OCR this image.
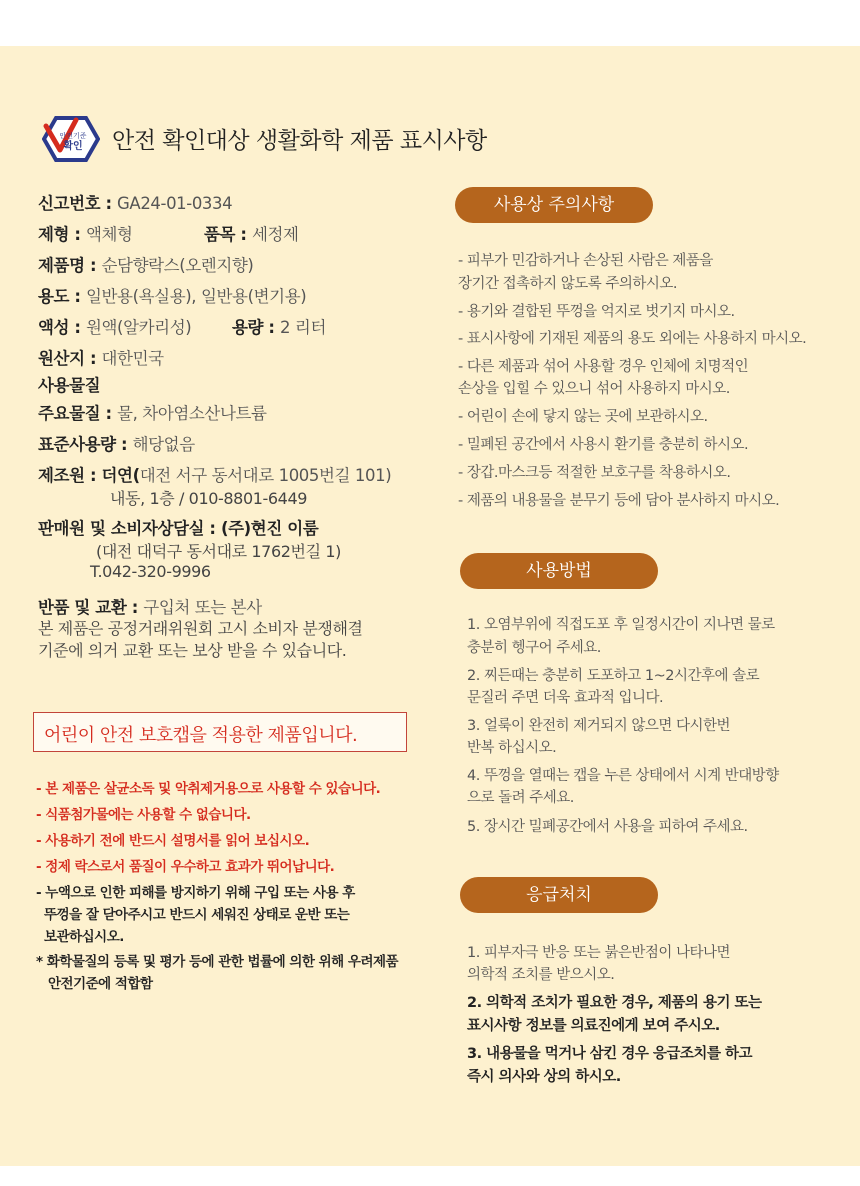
안전기준
확인 안전 확인대상 생활화학 제품 표시사항
신고번호 : GA24-01-0334
제형 : 액체형	품목 : 세정제
제품명 : 순담향락스(오렌지향)
용도 : 일반용(욕실용), 일반용(변기용)
액성 : 원액(알카리성) 용량 : 2 리터
원산지 : 대한민국
사용물질
주요물질 : 물, 차아염소산나트륨
표준사용량 : 해당없음
제조원 : 더연(대전 서구 동서대로 1005번길 101)
내동, 1층 / 010-8801-6449
판매원 및 소비자상담실 : (주)현진 이룸
(대전 대덕구 동서대로 1762번길 1)
T.042-320-9996
반품 및 교환 : 구입처 또는 본사
본 제품은 공정거래위원회 고시 소비자 분쟁해결
기준에 의거 교환 또는 보상 받을 수 있습니다.
어린이 안전 보호캡을 적용한 제품입니다.
- 본 제품은 살균소독 및 악취제거용으로 사용할 수 있습니다.
- 식품첨가물에는 사용할 수 없습니다.
- 사용하기 전에 반드시 설명서를 읽어 보십시오.
- 정제 락스로서 품질이 우수하고 효과가 뛰어납니다.
- 누액으로 인한 피해를 방지하기 위해 구입 또는 사용 후
뚜껑을 잘 닫아주시고 반드시 세워진 상태로 운반 또는
보관하십시오.
* 화학물질의 등록 및 평가 등에 관한 법률에 의한 위해 우려제품
안전기준에 적합함
사용상 주의사항
- 피부가 민감하거나 손상된 사람은 제품을
장기간 접촉하지 않도록 주의하시오.
- 용기와 결합된 뚜껑을 억지로 벗기지 마시오.
- 표시사항에 기재된 제품의 용도 외에는 사용하지 마시오.
- 다른 제품과 섞어 사용할 경우 인체에 치명적인
손상을 입힐 수 있으니 섞어 사용하지 마시오.
- 어린이 손에 닿지 않는 곳에 보관하시오.
- 밀폐된 공간에서 사용시 환기를 충분히 하시오.
- 장갑.마스크등 적절한 보호구를 착용하시오.
- 제품의 내용물을 분무기 등에 담아 분사하지 마시오.
사용방법
1. 오염부위에 직접도포 후 일정시간이 지나면 물로
충분히 헹구어 주세요.
2. 찌든때는 충분히 도포하고 1~2시간후에 솔로
문질러 주면 더욱 효과적 입니다.
3. 얼룩이 완전히 제거되지 않으면 다시한번
반복 하십시오.
4. 뚜껑을 열때는 캡을 누른 상태에서 시계 반대방향
으로 돌려 주세요.
5. 장시간 밀폐공간에서 사용을 피하여 주세요.
응급처치
1. 피부자극 반응 또는 붉은반점이 나타나면
의학적 조치를 받으시오.
2. 의학적 조치가 필요한 경우, 제품의 용기 또는
표시사항 정보를 의료진에게 보여 주시오.
3. 내용물을 먹거나 삼킨 경우 응급조치를 하고
즉시 의사와 상의 하시오.
